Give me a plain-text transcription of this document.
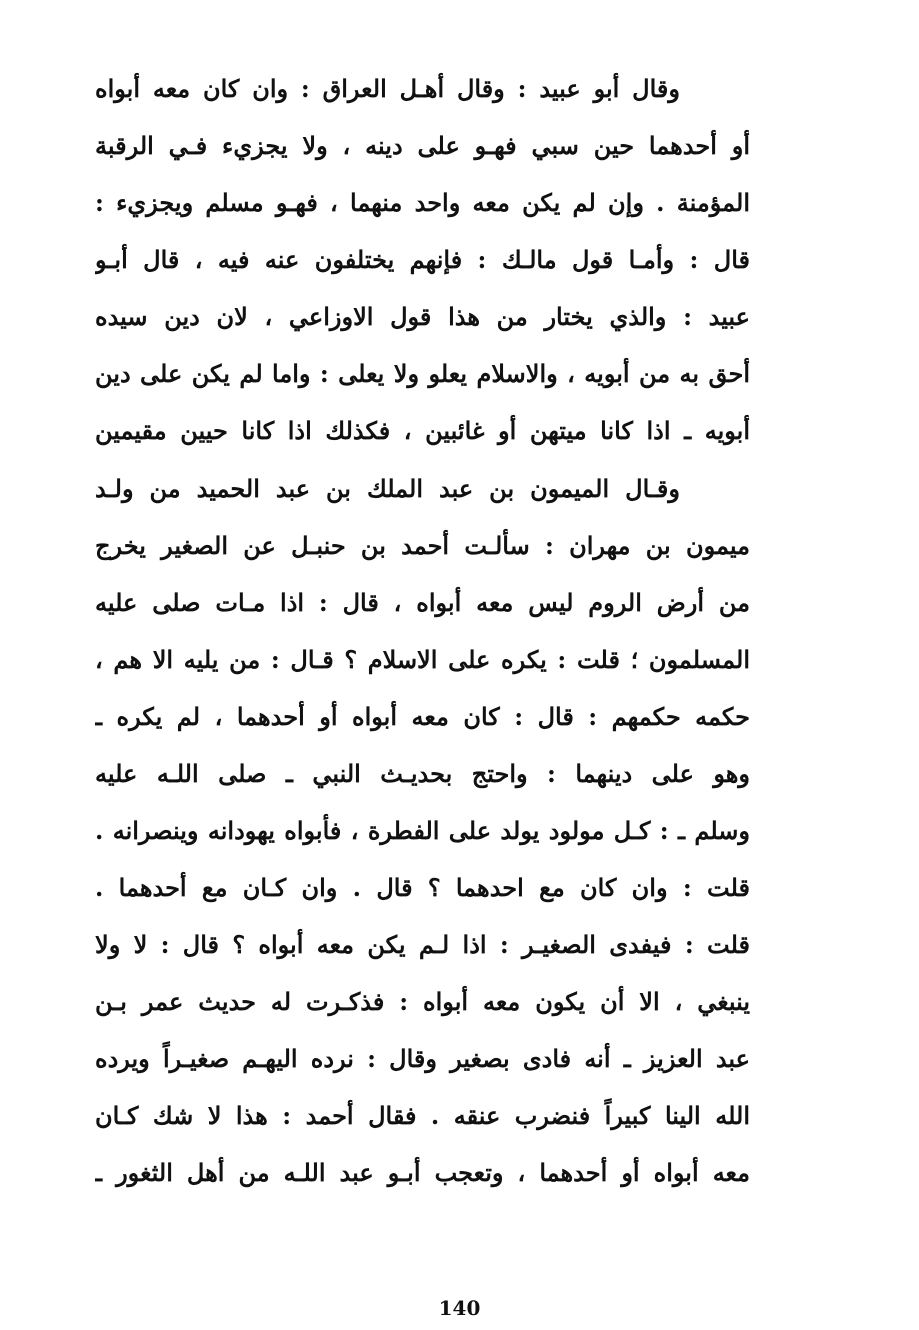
وقال أبو عبيد : وقال أهـل العراق : وان كان معه أبواه
أو أحدهما حين سبي فهـو على دينه ، ولا يجزيء فـي الرقبة
المؤمنة . وإن لم يكن معه واحد منهما ، فهـو مسلم ويجزيء :
قال : وأمـا قول مالـك : فإنهم يختلفون عنه فيه ، قال أبـو
عبيد : والذي يختار من هذا قول الاوزاعي ، لان دين سيده
أحق به من أبويه ، والاسلام يعلو ولا يعلى : واما لم يكن على دين
أبويه ـ اذا كانا ميتهن أو غائبين ، فكذلك اذا كانا حيين مقيمين
وقـال الميمون بن عبد الملك بن عبد الحميد من ولـد
ميمون بن مهران : سألـت أحمد بن حنبـل عن الصغير يخرج
من أرض الروم ليس معه أبواه ، قال : اذا مـات صلى عليه
المسلمون ؛ قلت : يكره على الاسلام ؟ قـال : من يليه الا هم ،
حكمه حكمهم : قال : كان معه أبواه أو أحدهما ، لم يكره ـ
وهو على دينهما : واحتج بحديـث النبي ـ صلى اللـه عليه
وسلم ـ : كـل مولود يولد على الفطرة ، فأبواه يهودانه وينصرانه .
قلت : وان كان مع احدهما ؟ قال . وان كـان مع أحدهما .
قلت : فيفدى الصغيـر : اذا لـم يكن معه أبواه ؟ قال : لا ولا
ينبغي ، الا أن يكون معه أبواه : فذكـرت له حديث عمر بـن
عبد العزيز ـ أنه فادى بصغير وقال : نرده اليهـم صغيـراً ويرده
الله الينا كبيراً فنضرب عنقه . فقال أحمد : هذا لا شك كـان
معه أبواه أو أحدهما ، وتعجب أبـو عبد اللـه من أهل الثغور ـ
140
